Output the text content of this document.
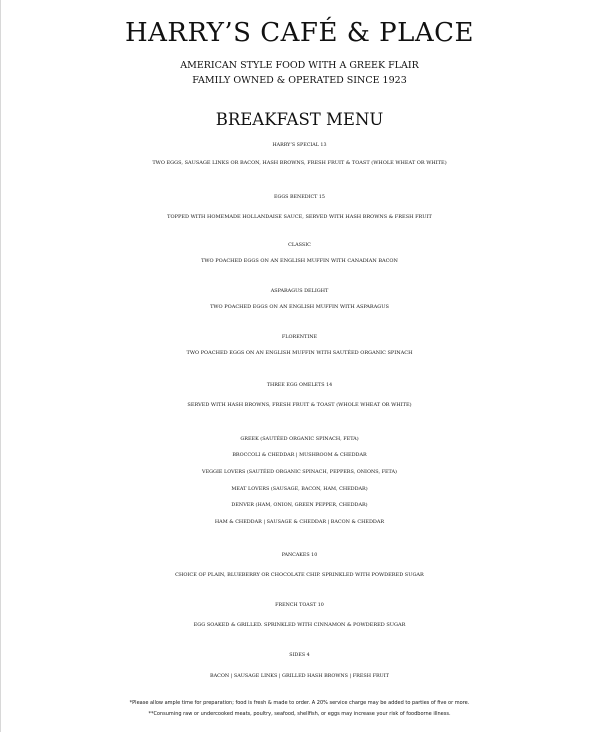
HARRY’S CAFÉ & PLACE
AMERICAN STYLE FOOD WITH A GREEK FLAIR
FAMILY OWNED & OPERATED SINCE 1923
BREAKFAST MENU
HARRY’S SPECIAL 13
TWO EGGS, SAUSAGE LINKS OR BACON, HASH BROWNS, FRESH FRUIT & TOAST (WHOLE WHEAT OR WHITE)
EGGS BENEDICT 15
TOPPED WITH HOMEMADE HOLLANDAISE SAUCE, SERVED WITH HASH BROWNS & FRESH FRUIT
CLASSIC
TWO POACHED EGGS ON AN ENGLISH MUFFIN WITH CANADIAN BACON
ASPARAGUS DELIGHT
TWO POACHED EGGS ON AN ENGLISH MUFFIN WITH ASPARAGUS
FLORENTINE
TWO POACHED EGGS ON AN ENGLISH MUFFIN WITH SAUTÉED ORGANIC SPINACH
THREE EGG OMELETS 14
SERVED WITH HASH BROWNS, FRESH FRUIT & TOAST (WHOLE WHEAT OR WHITE)
GREEK (SAUTÉED ORGANIC SPINACH, FETA)
BROCCOLI & CHEDDAR | MUSHROOM & CHEDDAR
VEGGIE LOVERS (SAUTÉED ORGANIC SPINACH, PEPPERS, ONIONS, FETA)
MEAT LOVERS (SAUSAGE, BACON, HAM, CHEDDAR)
DENVER (HAM, ONION, GREEN PEPPER, CHEDDAR)
HAM & CHEDDAR | SAUSAGE & CHEDDAR | BACON & CHEDDAR
PANCAKES 10
CHOICE OF PLAIN, BLUEBERRY OR CHOCOLATE CHIP. SPRINKLED WITH POWDERED SUGAR
FRENCH TOAST 10
EGG SOAKED & GRILLED. SPRINKLED WITH CINNAMON & POWDERED SUGAR
SIDES 4
BACON | SAUSAGE LINKS | GRILLED HASH BROWNS | FRESH FRUIT
*Please allow ample time for preparation; food is fresh & made to order. A 20% service charge may be added to parties of five or more.
**Consuming raw or undercooked meats, poultry, seafood, shellfish, or eggs may increase your risk of foodborne illness.
